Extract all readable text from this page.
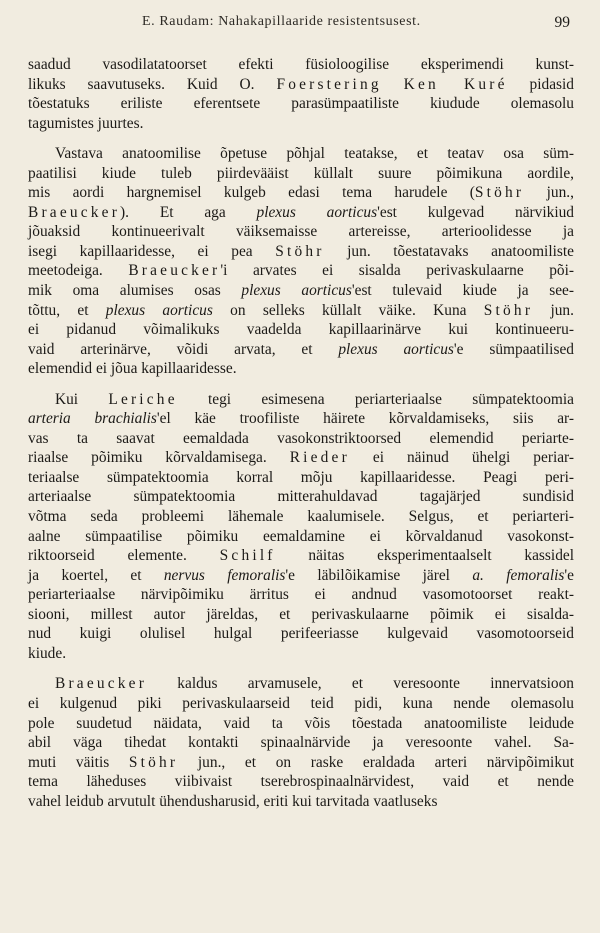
E. Raudam: Nahakapillaaride resistentsusest.	99
saadud vasodilatatoorset efekti füsioloogilise eksperimendi kunst-
likuks saavutuseks. Kuid O. Foerstering Ken Kuré pidasid
tõestatuks eriliste eferentsete parasümpaatiliste kiudude olemasolu
tagumistes juurtes.
Vastava anatoomilise õpetuse põhjal teatakse, et teatav osa süm-
paatilisi kiude tuleb piirdevääist küllalt suure põimikuna aordile,
mis aordi hargnemisel kulgeb edasi tema harudele (Stöhr jun.,
Braeucker). Et aga plexus aorticus'est kulgevad närvikiud
jõuaksid kontinueerivalt väiksemaisse artereisse, arterioolidesse ja
isegi kapillaaridesse, ei pea Stöhr jun. tõestatavaks anatoomiliste
meetodeiga. Braeucker'i arvates ei sisalda perivaskulaarne põi-
mik oma alumises osas plexus aorticus'est tulevaid kiude ja see-
tõttu, et plexus aorticus on selleks küllalt väike. Kuna Stöhr jun.
ei pidanud võimalikuks vaadelda kapillaarinärve kui kontinueeru-
vaid arterinärve, võidi arvata, et plexus aorticus'e sümpaatilised
elemendid ei jõua kapillaaridesse.
Kui Leriche tegi esimesena periarteriaalse sümpatektoomia
arteria brachialis'el käe troofiliste häirete kõrvaldamiseks, siis ar-
vas ta saavat eemaldada vasokonstriktoorsed elemendid periarte-
riaalse põimiku kõrvaldamisega. Rieder ei näinud ühelgi periar-
teriaalse sümpatektoomia korral mõju kapillaaridesse. Peagi peri-
arteriaalse sümpatektoomia mitterahuldavad tagajärjed sundisid
võtma seda probleemi lähemale kaalumisele. Selgus, et periarteri-
aalne sümpaatilise põimiku eemaldamine ei kõrvaldanud vasokonst-
riktoorseid elemente. Schilf näitas eksperimentaalselt kassidel
ja koertel, et nervus femoralis'e läbilõikamise järel a. femoralis'e
periarteriaalse närvipõimiku ärritus ei andnud vasomotoorset reakt-
siooni, millest autor järeldas, et perivaskulaarne põimik ei sisalda-
nud kuigi olulisel hulgal perifeeriasse kulgevaid vasomotoorseid
kiude.
Braeucker kaldus arvamusele, et veresoonte innervatsioon
ei kulgenud piki perivaskulaarseid teid pidi, kuna nende olemasolu
pole suudetud näidata, vaid ta võis tõestada anatoomiliste leidude
abil väga tihedat kontakti spinaalnärvide ja veresoonte vahel. Sa-
muti väitis Stöhr jun., et on raske eraldada arteri närvipõimikut
tema läheduses viibivaist tserebrospinaalnärvidest, vaid et nende
vahel leidub arvutult ühendusharusid, eriti kui tarvitada vaatluseks
